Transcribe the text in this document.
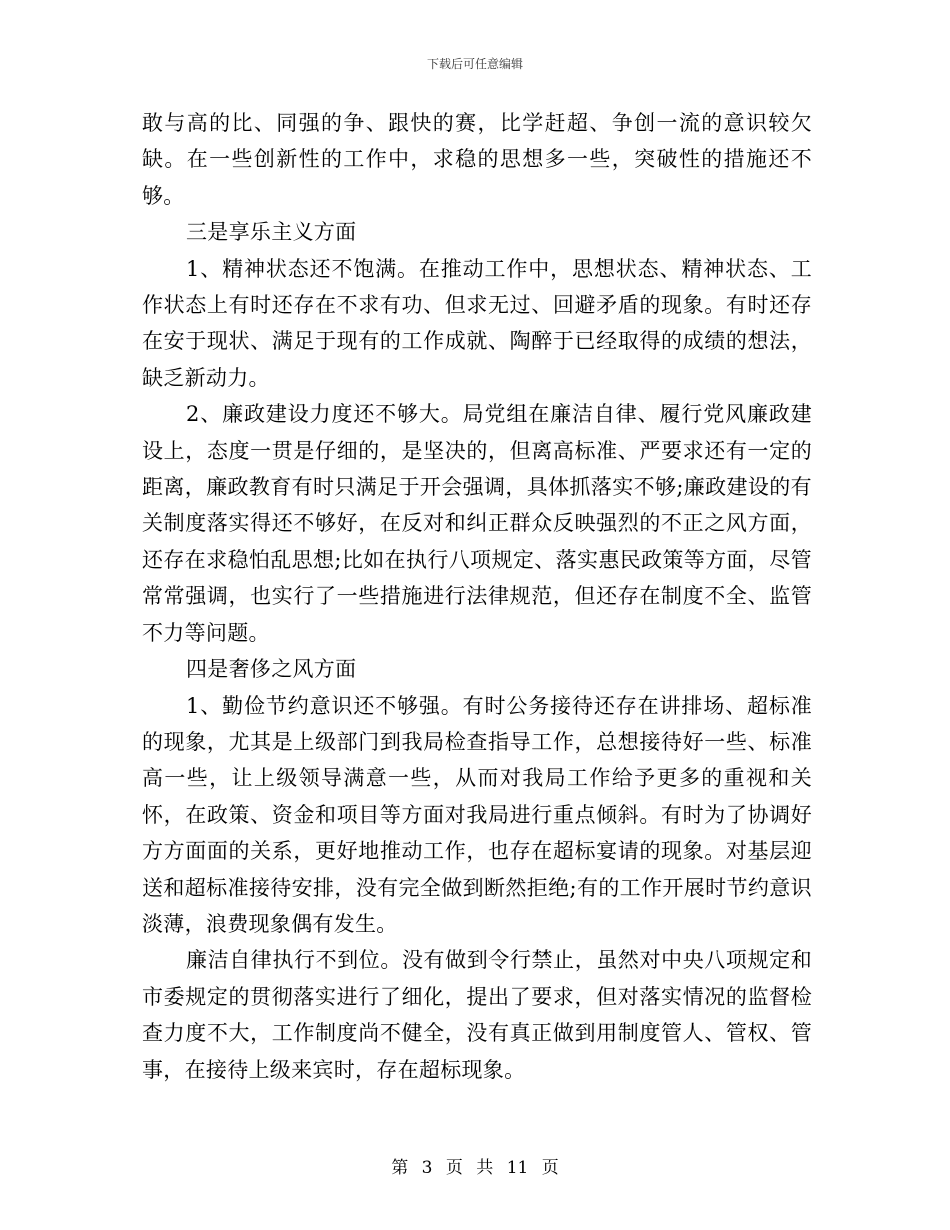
下载后可任意编辑

敢与高的比、同强的争、跟快的赛，比学赶超、争创一流的意识较欠缺。在一些创新性的工作中，求稳的思想多一些，突破性的措施还不够。

三是享乐主义方面

1、精神状态还不饱满。在推动工作中，思想状态、精神状态、工作状态上有时还存在不求有功、但求无过、回避矛盾的现象。有时还存在安于现状、满足于现有的工作成就、陶醉于已经取得的成绩的想法，缺乏新动力。

2、廉政建设力度还不够大。局党组在廉洁自律、履行党风廉政建设上，态度一贯是仔细的，是坚决的，但离高标准、严要求还有一定的距离，廉政教育有时只满足于开会强调，具体抓落实不够;廉政建设的有关制度落实得还不够好，在反对和纠正群众反映强烈的不正之风方面，还存在求稳怕乱思想;比如在执行八项规定、落实惠民政策等方面，尽管常常强调，也实行了一些措施进行法律规范，但还存在制度不全、监管不力等问题。

四是奢侈之风方面

1、勤俭节约意识还不够强。有时公务接待还存在讲排场、超标准的现象，尤其是上级部门到我局检查指导工作，总想接待好一些、标准高一些，让上级领导满意一些，从而对我局工作给予更多的重视和关怀，在政策、资金和项目等方面对我局进行重点倾斜。有时为了协调好方方面面的关系，更好地推动工作，也存在超标宴请的现象。对基层迎送和超标准接待安排，没有完全做到断然拒绝;有的工作开展时节约意识淡薄，浪费现象偶有发生。

廉洁自律执行不到位。没有做到令行禁止，虽然对中央八项规定和市委规定的贯彻落实进行了细化，提出了要求，但对落实情况的监督检查力度不大，工作制度尚不健全，没有真正做到用制度管人、管权、管事，在接待上级来宾时，存在超标现象。

第 3 页 共 11 页
